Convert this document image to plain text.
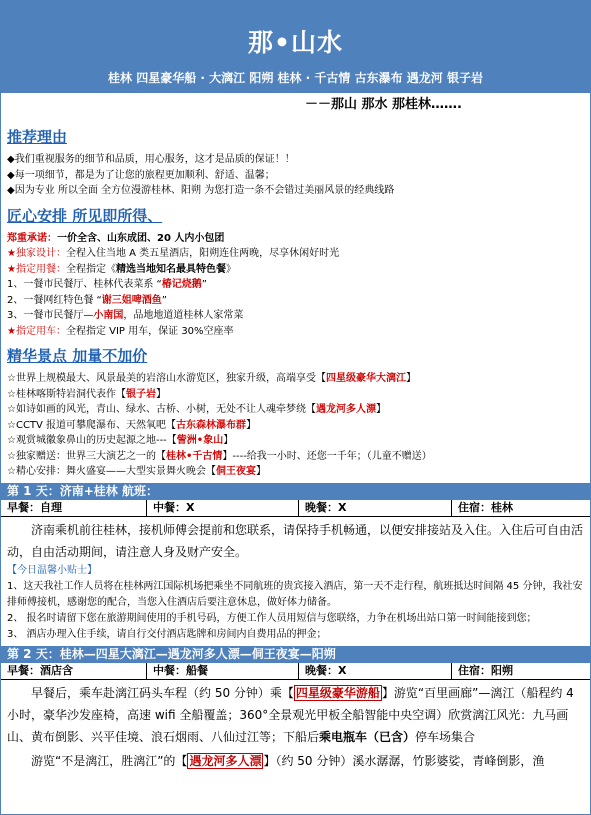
那•山水
桂林 四星豪华船 · 大漓江 阳朔 桂林 · 千古情 古东瀑布 遇龙河 银子岩
－－那山 那水 那桂林…….
推荐理由
◆我们重视服务的细节和品质，用心服务，这才是品质的保证！！
◆每一项细节，都是为了让您的旅程更加顺利、舒适、温馨；
◆因为专业 所以全面 全方位漫游桂林、阳朔 为您打造一条不会错过美丽风景的经典线路
匠心安排 所见即所得、
郑重承诺：一价全含、山东成团、20 人内小包团
★独家设计：全程入住当地 A 类五星酒店，阳朔连住两晚，尽享休闲好时光
★指定用餐：全程指定《精选当地知名最具特色餐》
1、一餐市民餐厅、桂林代表菜系 “椿记烧鹅”
2、一餐网红特色餐 “谢三姐啤酒鱼”
3、一餐市民餐厅—小南国，品地地道道桂林人家常菜
★指定用车：全程指定 VIP 用车，保证 30%空座率
精华景点 加量不加价
☆世界上规模最大、风景最美的岩溶山水游览区，独家升级，高端享受【四星级豪华大漓江】
☆桂林喀斯特岩洞代表作【银子岩】
☆如诗如画的风光，青山、绿水、古桥、小树，无处不让人魂牵梦绕【遇龙河多人漂】
☆CCTV 报道可攀爬瀑布、天然氧吧【古东森林瀑布群】
☆观赏城徽象鼻山的历史起源之地---【訾洲•象山】
☆独家赠送：世界三大演艺之一的【桂林•千古情】----给我一小时、还您一千年；（儿童不赠送）
☆精心安排：舞火盛宴——大型实景舞火晚会【侗王夜宴】
第 1 天：济南+桂林 航班：
早餐：自理	中餐：X	晚餐：X	住宿：桂林
济南乘机前往桂林，接机师傅会提前和您联系，请保持手机畅通，以便安排接站及入住。入住后可自由活动，自由活动期间，请注意人身及财产安全。
【今日温馨小贴士】
1、这天我社工作人员将在桂林两江国际机场把乘坐不同航班的贵宾接入酒店，第一天不走行程，航班抵达时间隔 45 分钟，我社安排师傅接机，感谢您的配合，当您入住酒店后要注意休息，做好体力储备。
2、 报名时请留下您在旅游期间使用的手机号码，方便工作人员用短信与您联络，力争在机场出站口第一时间能接到您；
3、 酒店办理入住手续，请自行交付酒店匙牌和房间内自费用品的押金；
第 2 天：桂林—四星大漓江—遇龙河多人漂—侗王夜宴—阳朔
早餐：酒店含	中餐：船餐	晚餐：X	住宿：阳朔
早餐后，乘车赴漓江码头车程（约 50 分钟）乘【 四星级豪华游船 】游览“百里画廊”—漓江（船程约 4 小时，豪华沙发座椅，高速 wifi 全船覆盖；360°全景观光甲板全船智能中央空调）欣赏漓江风光：九马画山、黄布倒影、兴平佳境、浪石烟雨、八仙过江等；下船后乘电瓶车（已含）停车场集合
游览“不是漓江，胜漓江”的【 遇龙河多人漂 】（约 50 分钟）溪水潺潺，竹影婆娑，青峰倒影，渔
